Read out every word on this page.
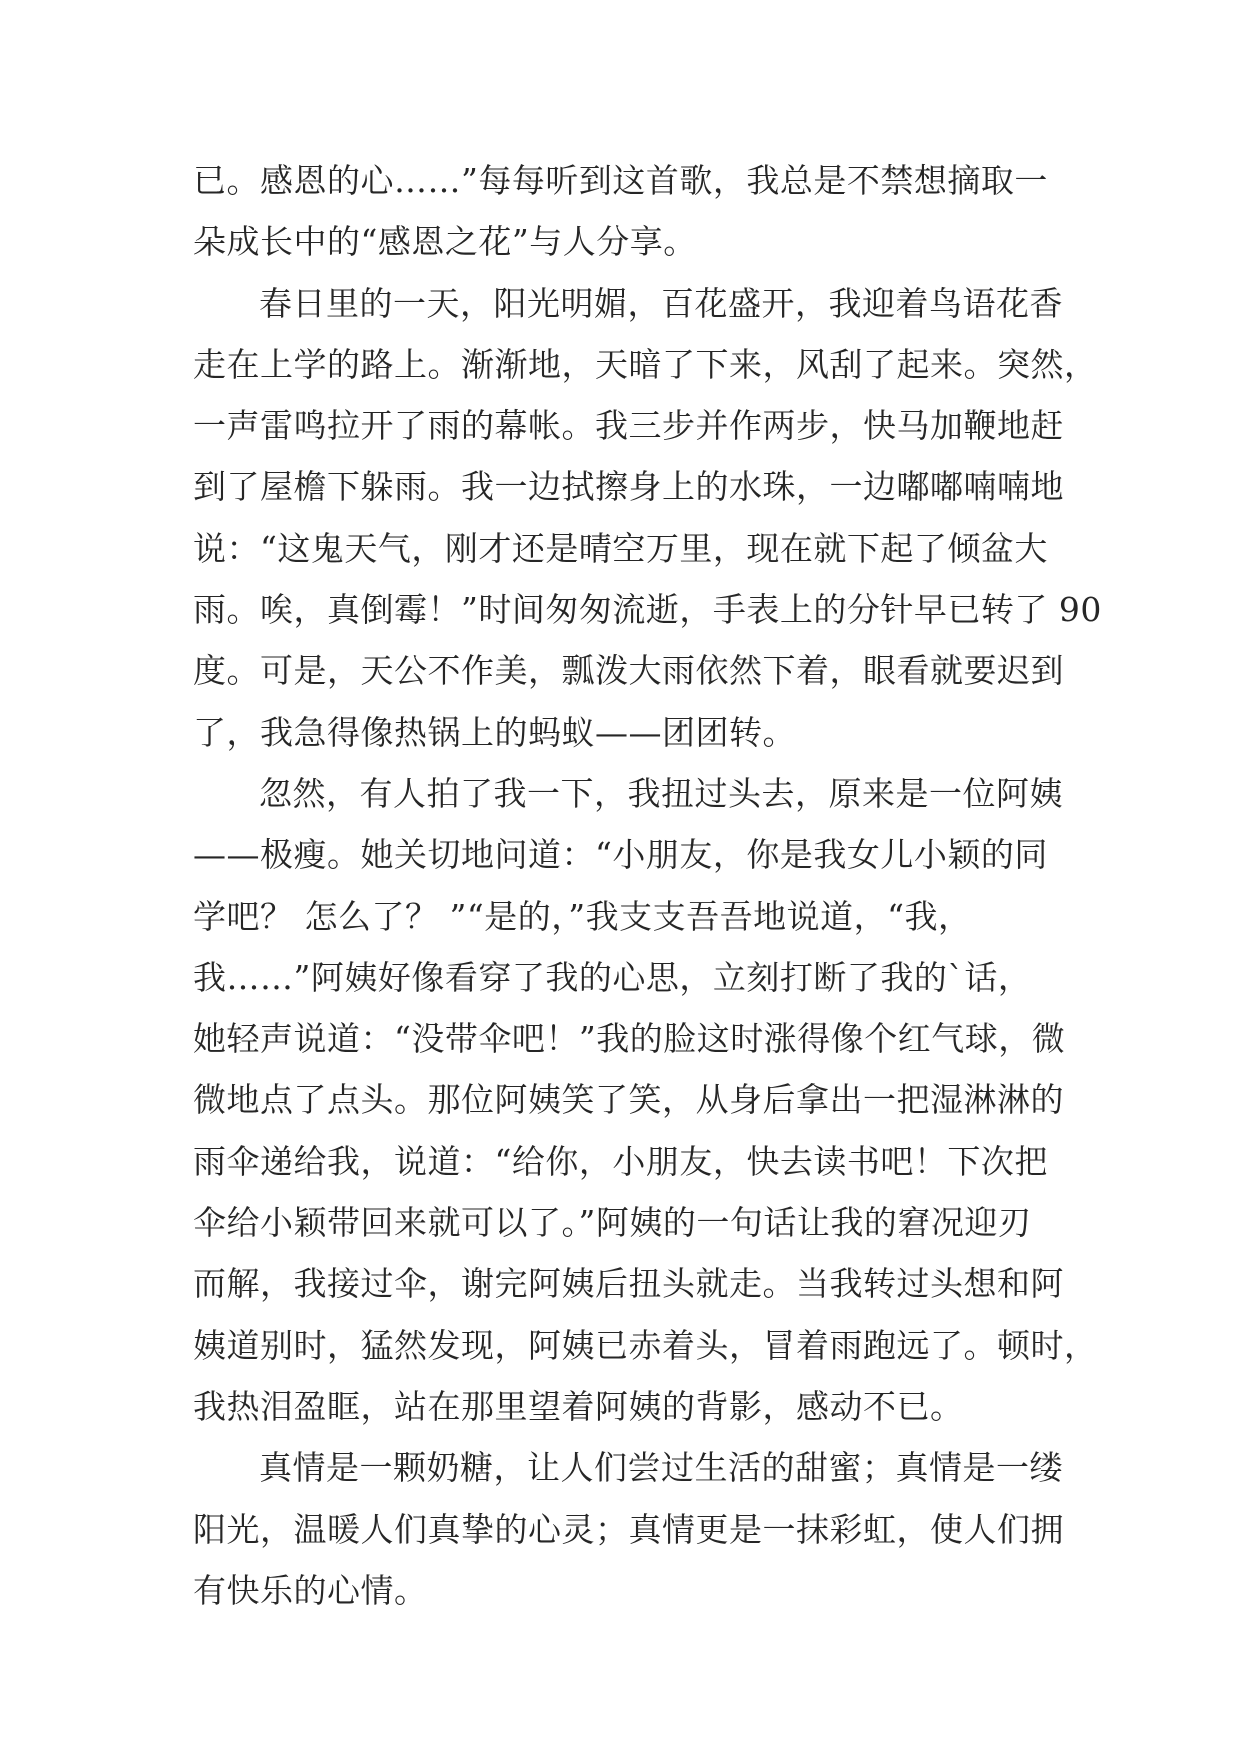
已。感恩的心……”每每听到这首歌，我总是不禁想摘取一
朵成长中的“感恩之花”与人分享。
春日里的一天，阳光明媚，百花盛开，我迎着鸟语花香
走在上学的路上。渐渐地，天暗了下来，风刮了起来。突然，
一声雷鸣拉开了雨的幕帐。我三步并作两步，快马加鞭地赶
到了屋檐下躲雨。我一边拭擦身上的水珠，一边嘟嘟喃喃地
说：“这鬼天气，刚才还是晴空万里，现在就下起了倾盆大
雨。唉，真倒霉！”时间匆匆流逝，手表上的分针早已转了 90
度。可是，天公不作美，瓢泼大雨依然下着，眼看就要迟到
了，我急得像热锅上的蚂蚁——团团转。
忽然，有人拍了我一下，我扭过头去，原来是一位阿姨
——极瘦。她关切地问道：“小朋友，你是我女儿小颖的同
学吧？ 怎么了？ ”“是的，”我支支吾吾地说道，“我，
我……”阿姨好像看穿了我的心思，立刻打断了我的`话，
她轻声说道：“没带伞吧！”我的脸这时涨得像个红气球，微
微地点了点头。那位阿姨笑了笑，从身后拿出一把湿淋淋的
雨伞递给我，说道：“给你，小朋友，快去读书吧！下次把
伞给小颖带回来就可以了。”阿姨的一句话让我的窘况迎刃
而解，我接过伞，谢完阿姨后扭头就走。当我转过头想和阿
姨道别时，猛然发现，阿姨已赤着头，冒着雨跑远了。顿时，
我热泪盈眶，站在那里望着阿姨的背影，感动不已。
真情是一颗奶糖，让人们尝过生活的甜蜜；真情是一缕
阳光，温暖人们真挚的心灵；真情更是一抹彩虹，使人们拥
有快乐的心情。
